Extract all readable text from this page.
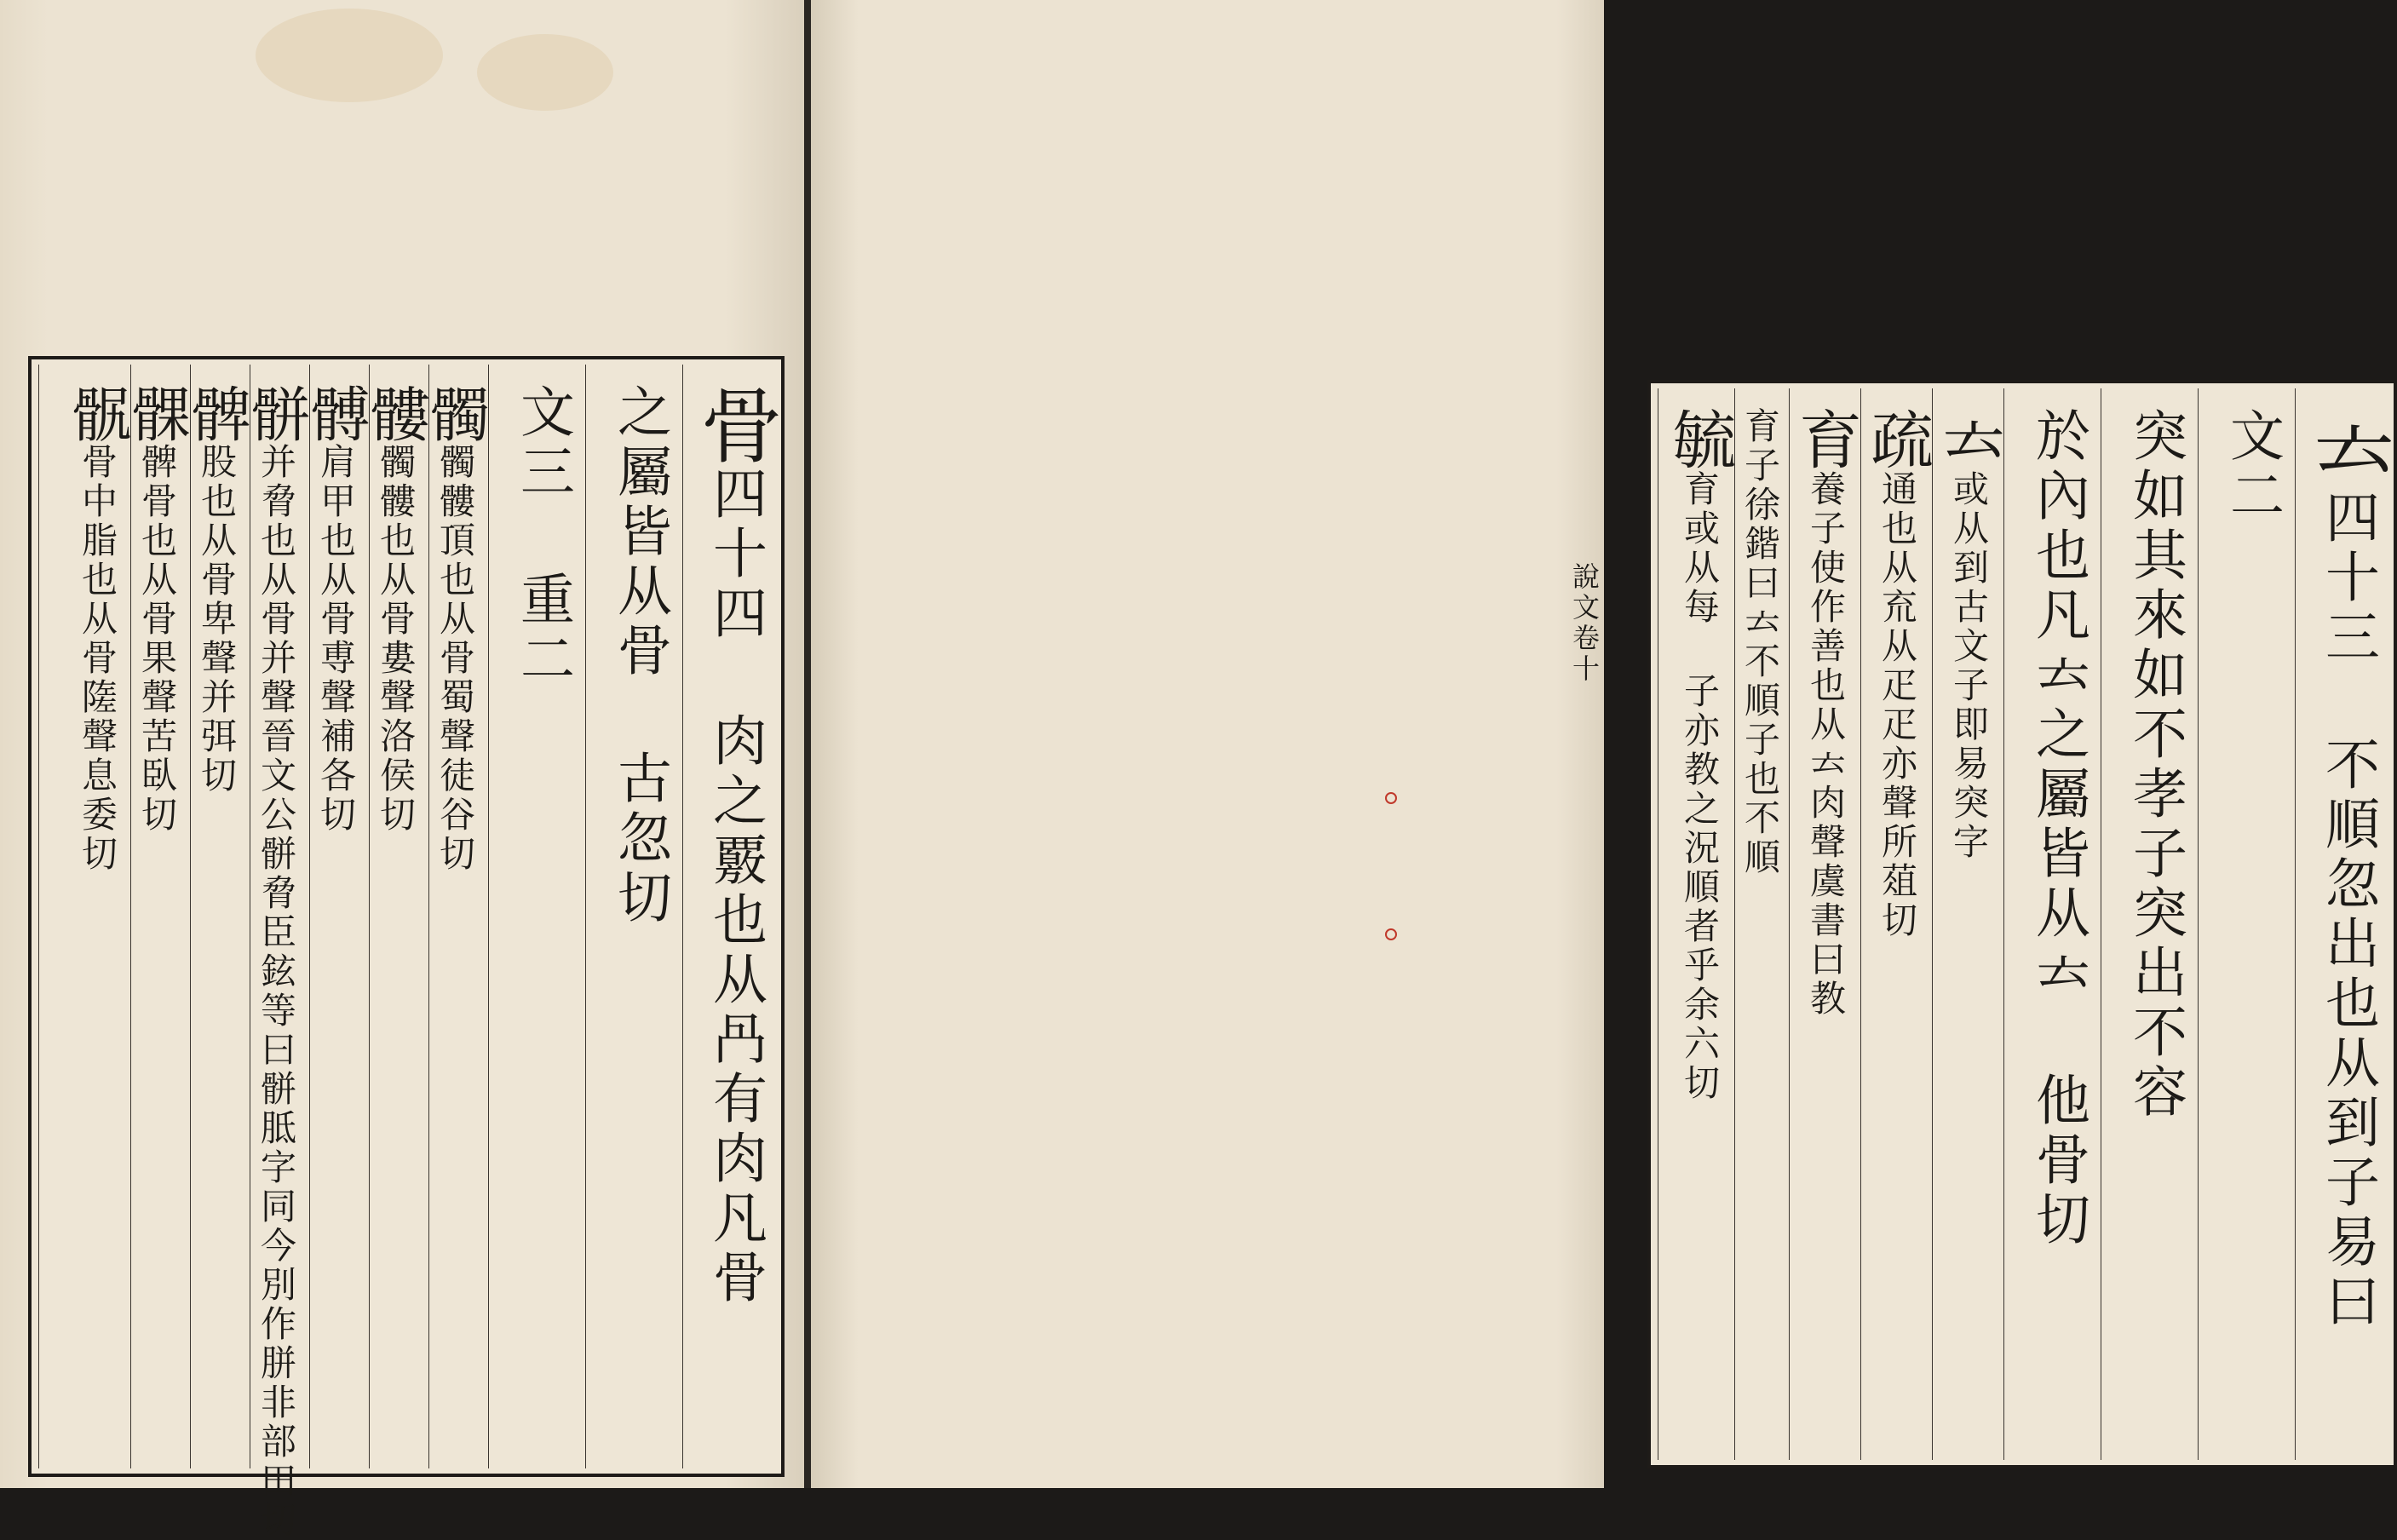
骨四十四 肉之覈也从冎有肉凡骨
之屬皆从骨 古忽切
文三 重二
髑髑髏頂也从骨蜀聲徒谷切
髏髑髏也从骨婁聲洛侯切
髆肩甲也从骨尃聲補各切
骿并脅也从骨并聲晉文公骿脅臣鉉等曰骿胝字同今別作胼非部田切
髀股也从骨卑聲并弭切
髁髀骨也从骨果聲苦臥切
䯌骨中脂也从骨隓聲息委切	說文卷十
𠫓四十三 不順忽出也从到子易曰
文二
突如其來如不孝子突出不容
於內也凡𠫓之屬皆从𠫓 他骨切
𠫓或从到古文子即易突字
疏通也从㐬从疋疋亦聲所葅切
育養子使作善也从𠫓肉聲虞書曰教
育子徐鍇曰𠫓不順子也不順
毓育或从每 子亦教之況順者乎余六切
